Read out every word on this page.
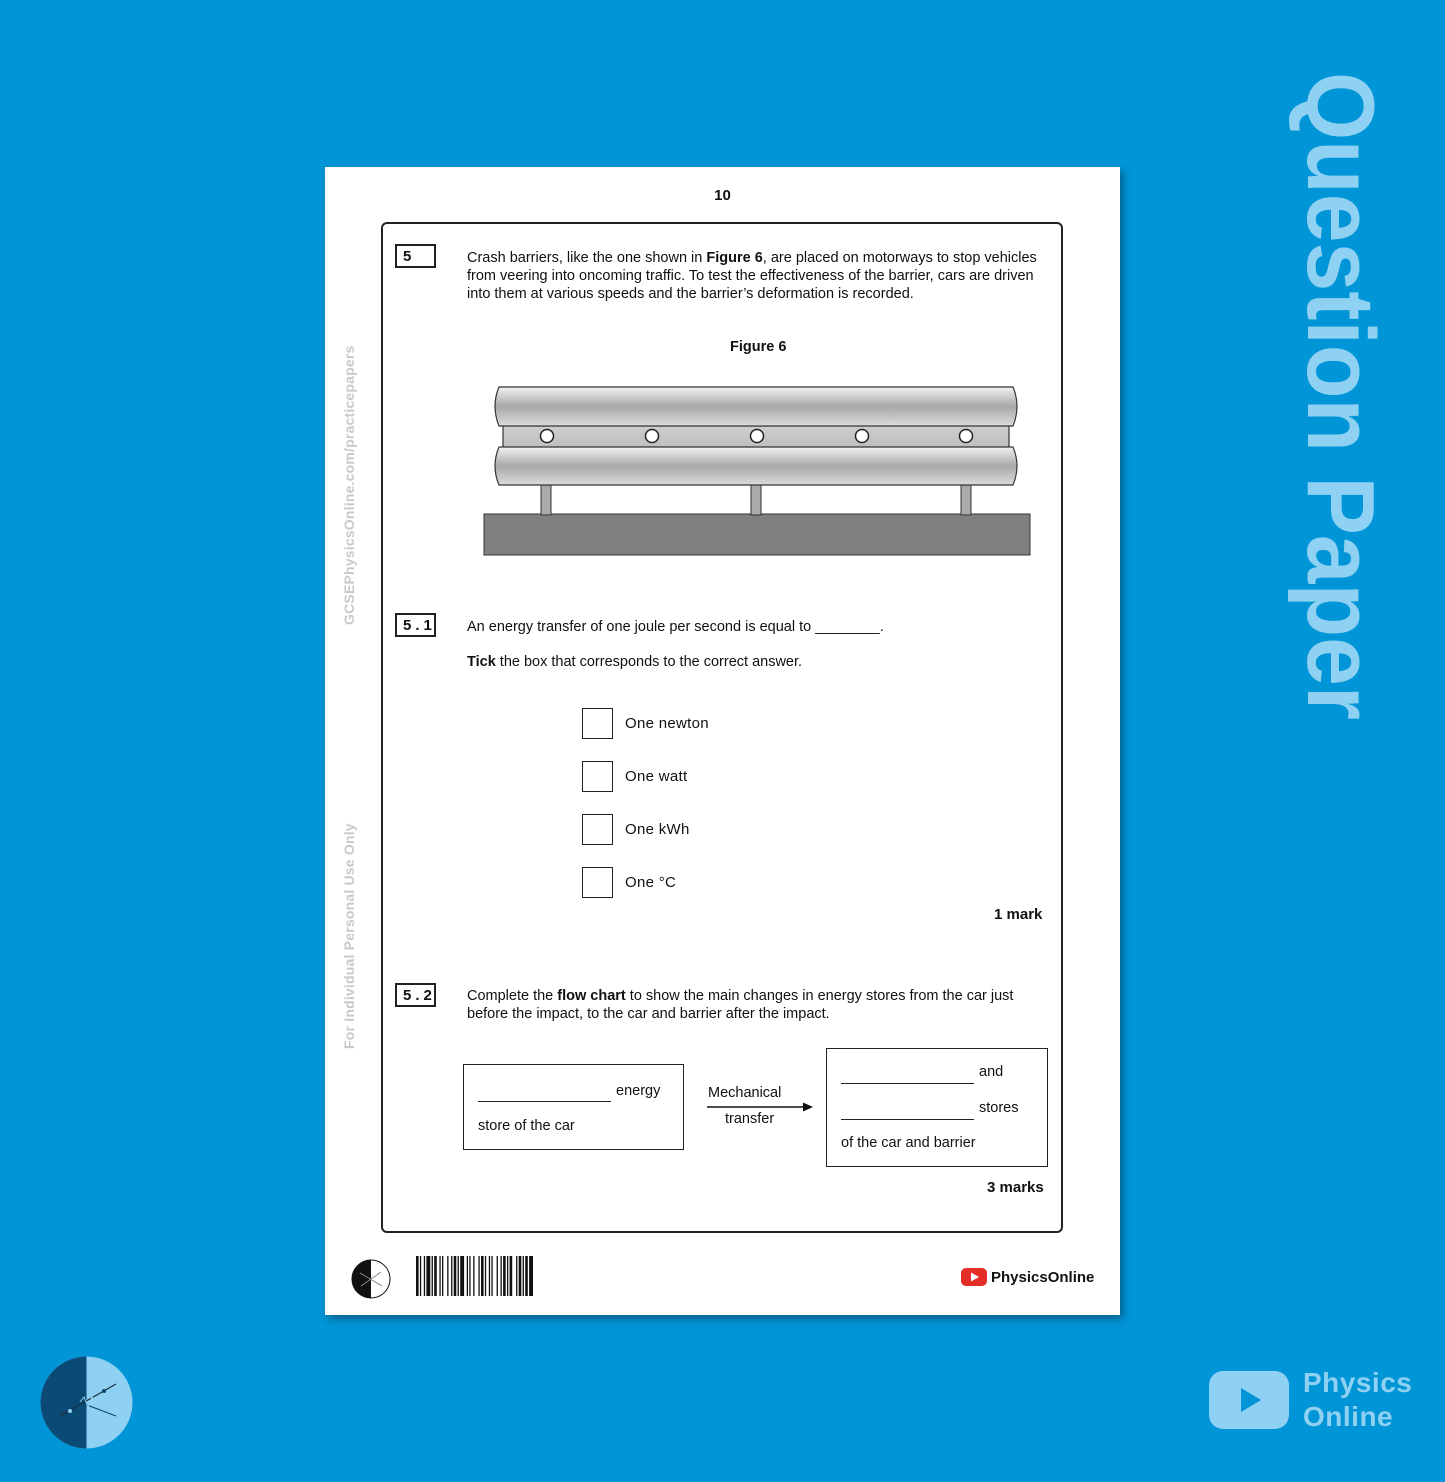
Question Paper
10
GCSEPhysicsOnline.com/practicepapers
For Individual Personal Use Only
5	Crash barriers, like the one shown in Figure 6, are placed on motorways to stop vehicles from veering into oncoming traffic. To test the effectiveness of the barrier, cars are driven into them at various speeds and the barrier’s deformation is recorded.
Figure 6
5.1 An energy transfer of one joule per second is equal to ________.
Tick the box that corresponds to the correct answer.
One newton
One watt
One kWh
One °C
1 mark
5.2 Complete the flow chart to show the main changes in energy stores from the car just before the impact, to the car and barrier after the impact.
energy
store of the car
Mechanical
transfer
and
stores
of the car and barrier
3 marks
PhysicsOnline
Physics
Online
